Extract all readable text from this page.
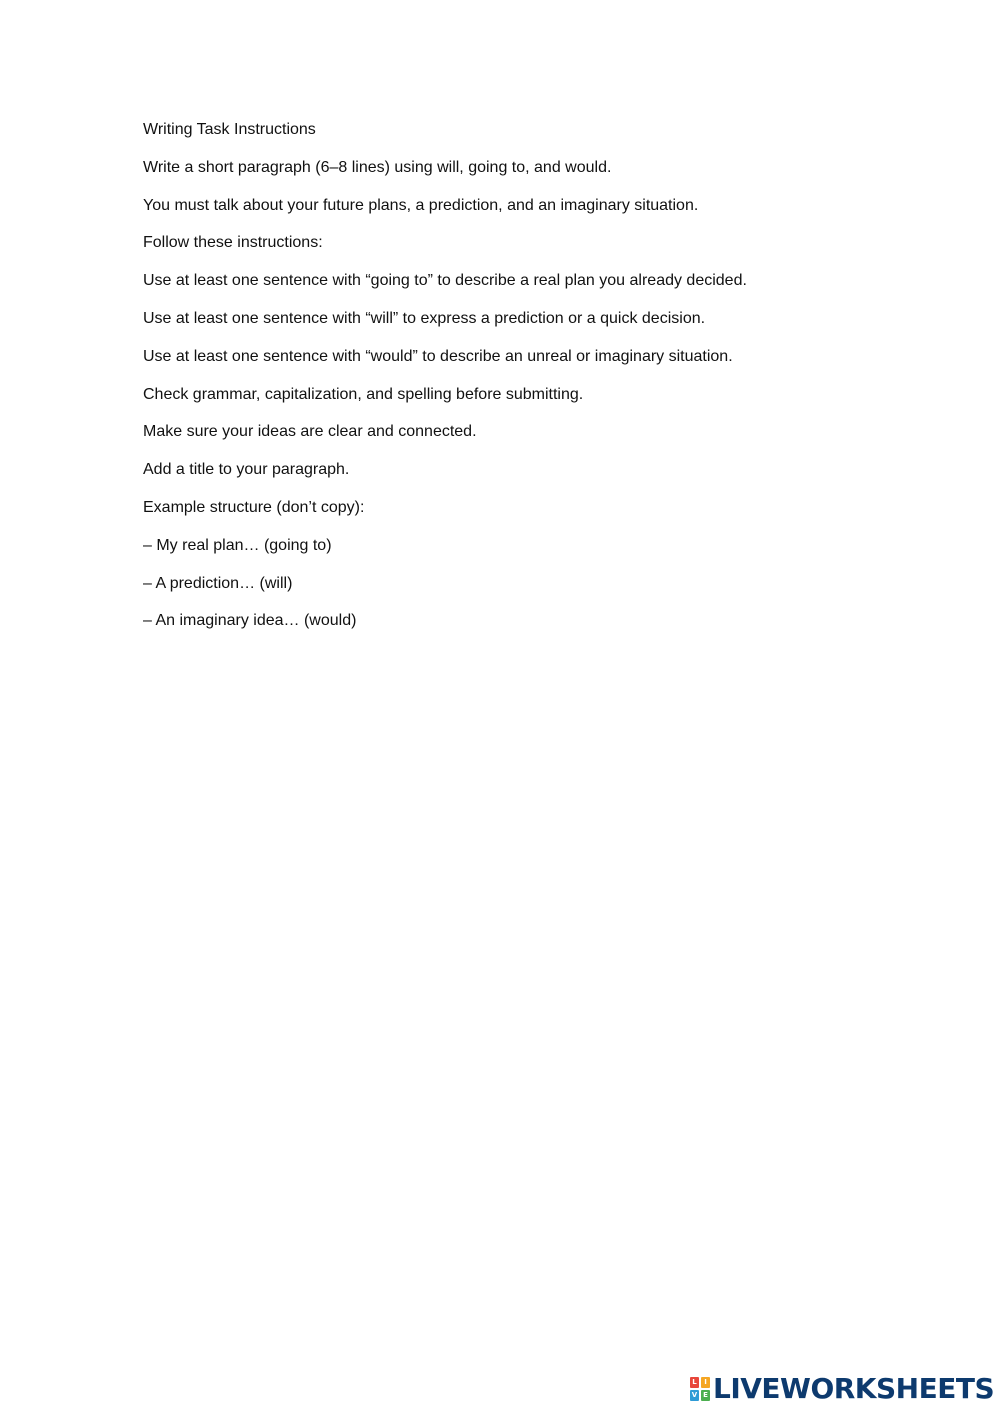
Writing Task Instructions
Write a short paragraph (6–8 lines) using will, going to, and would.
You must talk about your future plans, a prediction, and an imaginary situation.
Follow these instructions:
Use at least one sentence with “going to” to describe a real plan you already decided.
Use at least one sentence with “will” to express a prediction or a quick decision.
Use at least one sentence with “would” to describe an unreal or imaginary situation.
Check grammar, capitalization, and spelling before submitting.
Make sure your ideas are clear and connected.
Add a title to your paragraph.
Example structure (don’t copy):
– My real plan… (going to)
– A prediction… (will)
– An imaginary idea… (would)
L	I
V E LIVEWORKSHEETS
